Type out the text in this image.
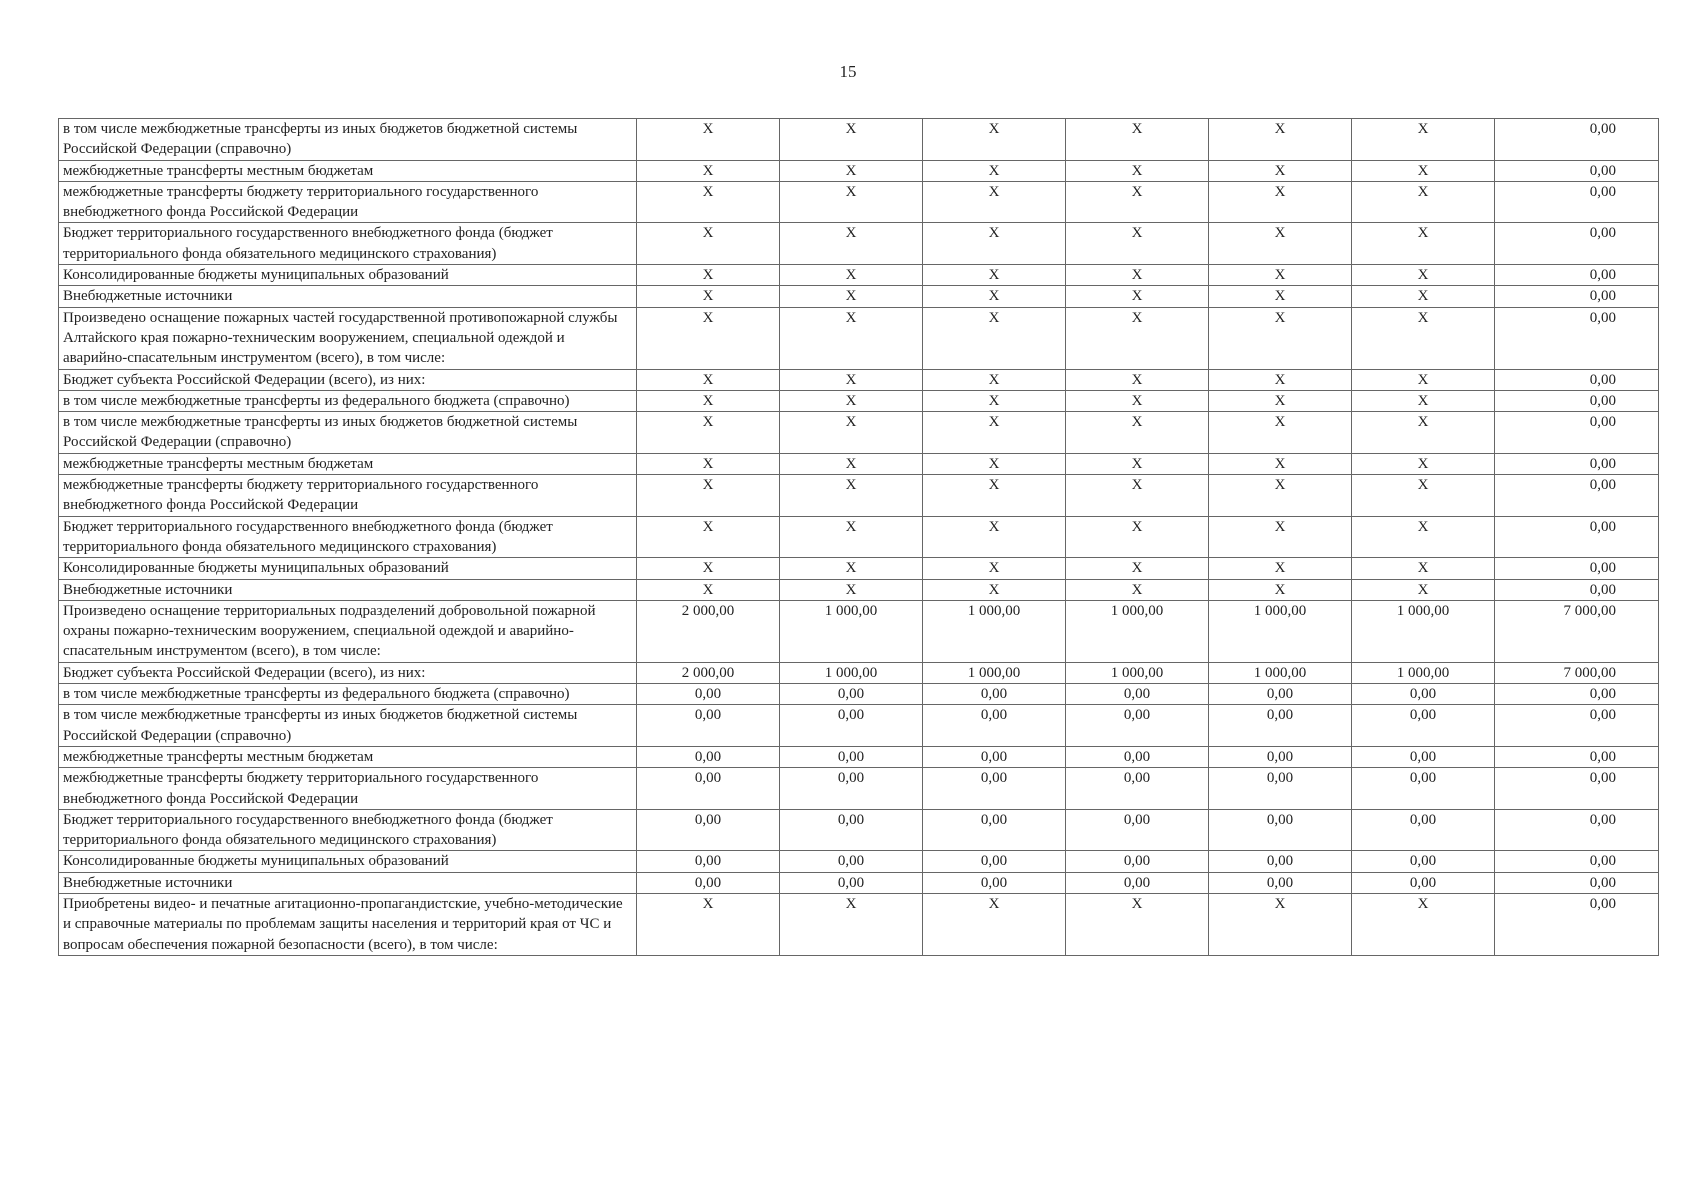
15
в том числе межбюджетные трансферты из иных бюджетов бюджетной системы Российской Федерации (справочно)	X	X	X	X	X	X	0,00
межбюджетные трансферты местным бюджетам	X	X	X	X	X	X	0,00
межбюджетные трансферты бюджету территориального государственного внебюджетного фонда Российской Федерации	X	X	X	X	X	X	0,00
Бюджет территориального государственного внебюджетного фонда (бюджет территориального фонда обязательного медицинского страхования)	X	X	X	X	X	X	0,00
Консолидированные бюджеты муниципальных образований	X	X	X	X	X	X	0,00
Внебюджетные источники	X	X	X	X	X	X	0,00
Произведено оснащение пожарных частей государственной противопожарной службы Алтайского края пожарно-техническим вооружением, специальной одеждой и аварийно-спасательным инструментом (всего), в том числе:	X	X	X	X	X	X	0,00
Бюджет субъекта Российской Федерации (всего), из них:	X	X	X	X	X	X	0,00
в том числе межбюджетные трансферты из федерального бюджета (справочно)	X	X	X	X	X	X	0,00
в том числе межбюджетные трансферты из иных бюджетов бюджетной системы Российской Федерации (справочно)	X	X	X	X	X	X	0,00
межбюджетные трансферты местным бюджетам	X	X	X	X	X	X	0,00
межбюджетные трансферты бюджету территориального государственного внебюджетного фонда Российской Федерации	X	X	X	X	X	X	0,00
Бюджет территориального государственного внебюджетного фонда (бюджет территориального фонда обязательного медицинского страхования)	X	X	X	X	X	X	0,00
Консолидированные бюджеты муниципальных образований	X	X	X	X	X	X	0,00
Внебюджетные источники	X	X	X	X	X	X	0,00
Произведено оснащение территориальных подразделений добровольной пожарной охраны пожарно-техническим вооружением, специальной одеждой и аварийно-спасательным инструментом (всего), в том числе:	2 000,00	1 000,00	1 000,00	1 000,00	1 000,00	1 000,00	7 000,00
Бюджет субъекта Российской Федерации (всего), из них:	2 000,00	1 000,00	1 000,00	1 000,00	1 000,00	1 000,00	7 000,00
в том числе межбюджетные трансферты из федерального бюджета (справочно)	0,00	0,00	0,00	0,00	0,00	0,00	0,00
в том числе межбюджетные трансферты из иных бюджетов бюджетной системы Российской Федерации (справочно)	0,00	0,00	0,00	0,00	0,00	0,00	0,00
межбюджетные трансферты местным бюджетам	0,00	0,00	0,00	0,00	0,00	0,00	0,00
межбюджетные трансферты бюджету территориального государственного внебюджетного фонда Российской Федерации	0,00	0,00	0,00	0,00	0,00	0,00	0,00
Бюджет территориального государственного внебюджетного фонда (бюджет территориального фонда обязательного медицинского страхования)	0,00	0,00	0,00	0,00	0,00	0,00	0,00
Консолидированные бюджеты муниципальных образований	0,00	0,00	0,00	0,00	0,00	0,00	0,00
Внебюджетные источники	0,00	0,00	0,00	0,00	0,00	0,00	0,00
Приобретены видео- и печатные агитационно-пропагандистские, учебно-методические и справочные материалы по проблемам защиты населения и территорий края от ЧС и вопросам обеспечения пожарной безопасности (всего), в том числе:	X	X	X	X	X	X	0,00
